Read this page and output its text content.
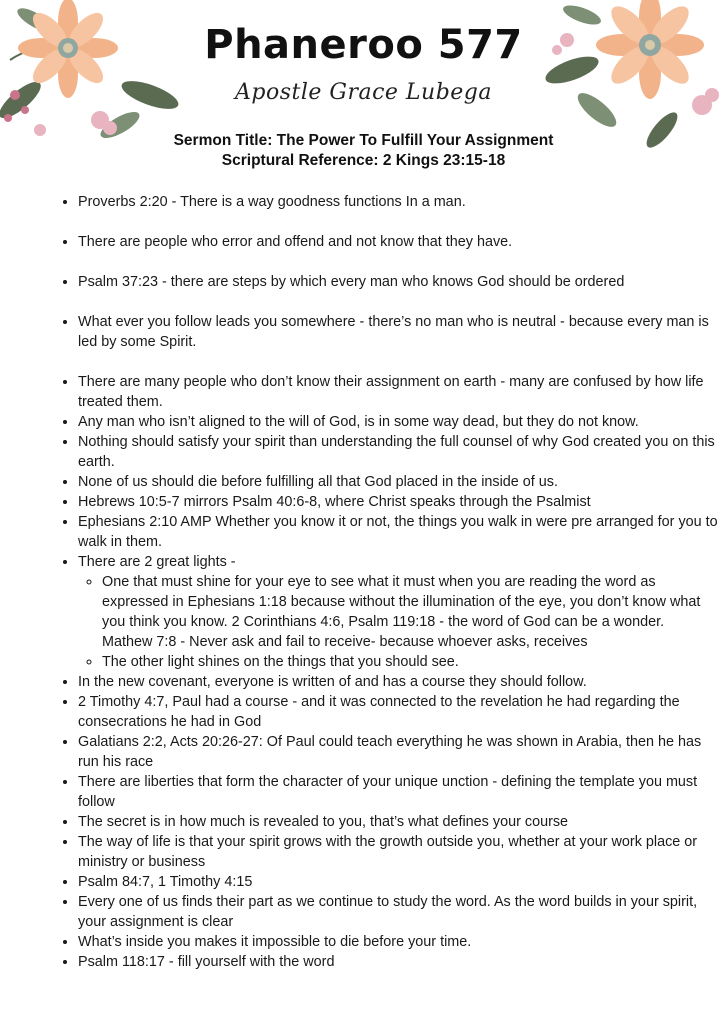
Phaneroo 577
Apostle Grace Lubega
Sermon Title: The Power To Fulfill Your Assignment
Scriptural Reference: 2 Kings 23:15-18
• Proverbs 2:20 - There is a way goodness functions In a man.
• There are people who error and offend and not know that they have.
• Psalm 37:23 - there are steps by which every man who knows God should be ordered
• What ever you follow leads you somewhere - there’s no man who is neutral - because every man is led by some Spirit.
• There are many people who don’t know their assignment on earth - many are confused by how life treated them.
• Any man who isn’t aligned to the will of God, is in some way dead, but they do not know.
• Nothing should satisfy your spirit than understanding the full counsel of why God created you on this earth.
• None of us should die before fulfilling all that God placed in the inside of us.
• Hebrews 10:5-7 mirrors Psalm 40:6-8, where Christ speaks through the Psalmist
• Ephesians 2:10 AMP Whether you know it or not, the things you walk in were pre arranged for you to walk in them.
• There are 2 great lights -
◦ One that must shine for your eye to see what it must when you are reading the word as expressed in Ephesians 1:18 because without the illumination of the eye, you don’t know what you think you know. 2 Corinthians 4:6, Psalm 119:18 - the word of God can be a wonder. Mathew 7:8 - Never ask and fail to receive- because whoever asks, receives
◦ The other light shines on the things that you should see.
• In the new covenant, everyone is written of and has a course they should follow.
• 2 Timothy 4:7, Paul had a course - and it was connected to the revelation he had regarding the consecrations he had in God
• Galatians 2:2, Acts 20:26-27: Of Paul could teach everything he was shown in Arabia, then he has run his race
• There are liberties that form the character of your unique unction - defining the template you must follow
• The secret is in how much is revealed to you, that’s what defines your course
• The way of life is that your spirit grows with the growth outside you, whether at your work place or ministry or business
• Psalm 84:7, 1 Timothy 4:15
• Every one of us finds their part as we continue to study the word. As the word builds in your spirit, your assignment is clear
• What’s inside you makes it impossible to die before your time.
• Psalm 118:17 - fill yourself with the word
